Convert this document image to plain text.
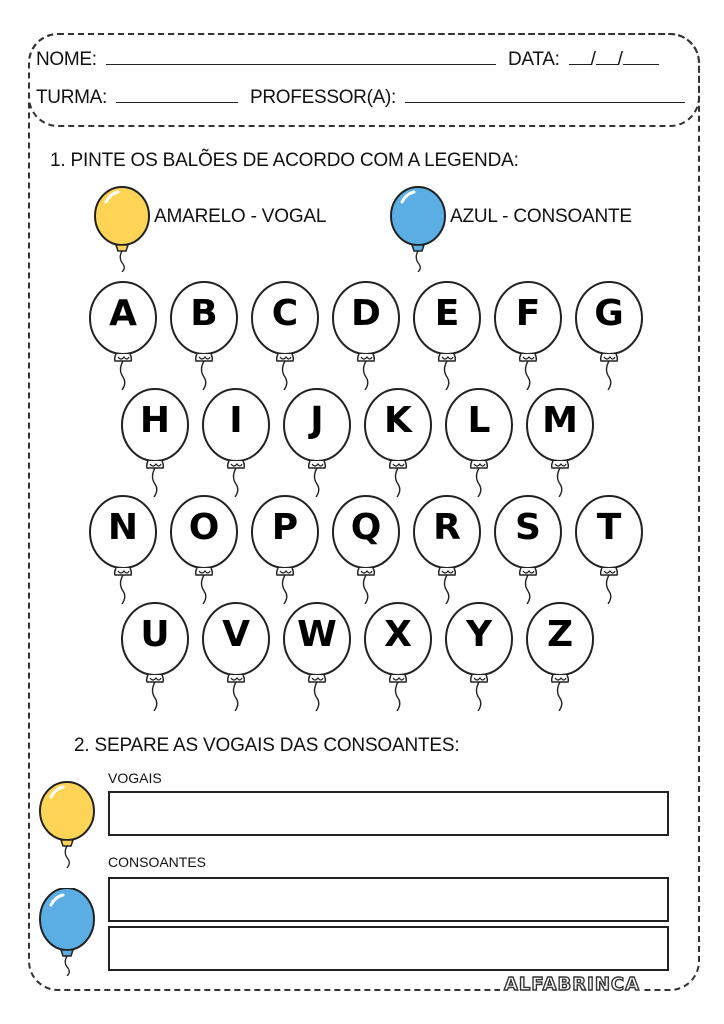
NOME:	DATA: / /
TURMA:	PROFESSOR(A):
1. PINTE OS BALÕES DE ACORDO COM A LEGENDA:
AMARELO - VOGAL	AZUL - CONSOANTE
A	B	C	D	E	F	G
H	I	J	K	L	M
N	O	P	Q	R	S	T
U	V	W	X	Y	Z
2. SEPARE AS VOGAIS DAS CONSOANTES:
VOGAIS
CONSOANTES
ALFABRINCA
